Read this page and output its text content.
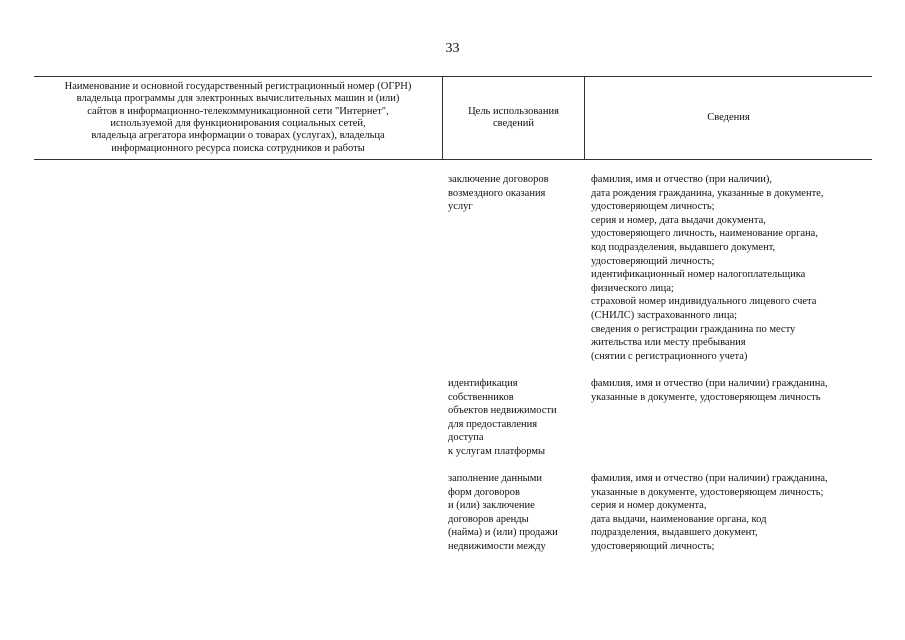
33
Наименование и основной государственный регистрационный номер (ОГРН)
владельца программы для электронных вычислительных машин и (или)
сайтов в информационно-телекоммуникационной сети "Интернет",
используемой для функционирования социальных сетей,
владельца агрегатора информации о товарах (услугах), владельца
информационного ресурса поиска сотрудников и работы
Цель использования
сведений
Сведения
заключение договоров
возмездного оказания
услуг
фамилия, имя и отчество (при наличии),
дата рождения гражданина, указанные в документе,
удостоверяющем личность;
серия и номер, дата выдачи документа,
удостоверяющего личность, наименование органа,
код подразделения, выдавшего документ,
удостоверяющий личность;
идентификационный номер налогоплательщика
физического лица;
страховой номер индивидуального лицевого счета
(СНИЛС) застрахованного лица;
сведения о регистрации гражданина по месту
жительства или месту пребывания
(снятии с регистрационного учета)
идентификация
собственников
объектов недвижимости
для предоставления
доступа
к услугам платформы
фамилия, имя и отчество (при наличии) гражданина,
указанные в документе, удостоверяющем личность
заполнение данными
форм договоров
и (или) заключение
договоров аренды
(найма) и (или) продажи
недвижимости между
фамилия, имя и отчество (при наличии) гражданина,
указанные в документе, удостоверяющем личность;
серия и номер документа,
дата выдачи, наименование органа, код
подразделения, выдавшего документ,
удостоверяющий личность;
